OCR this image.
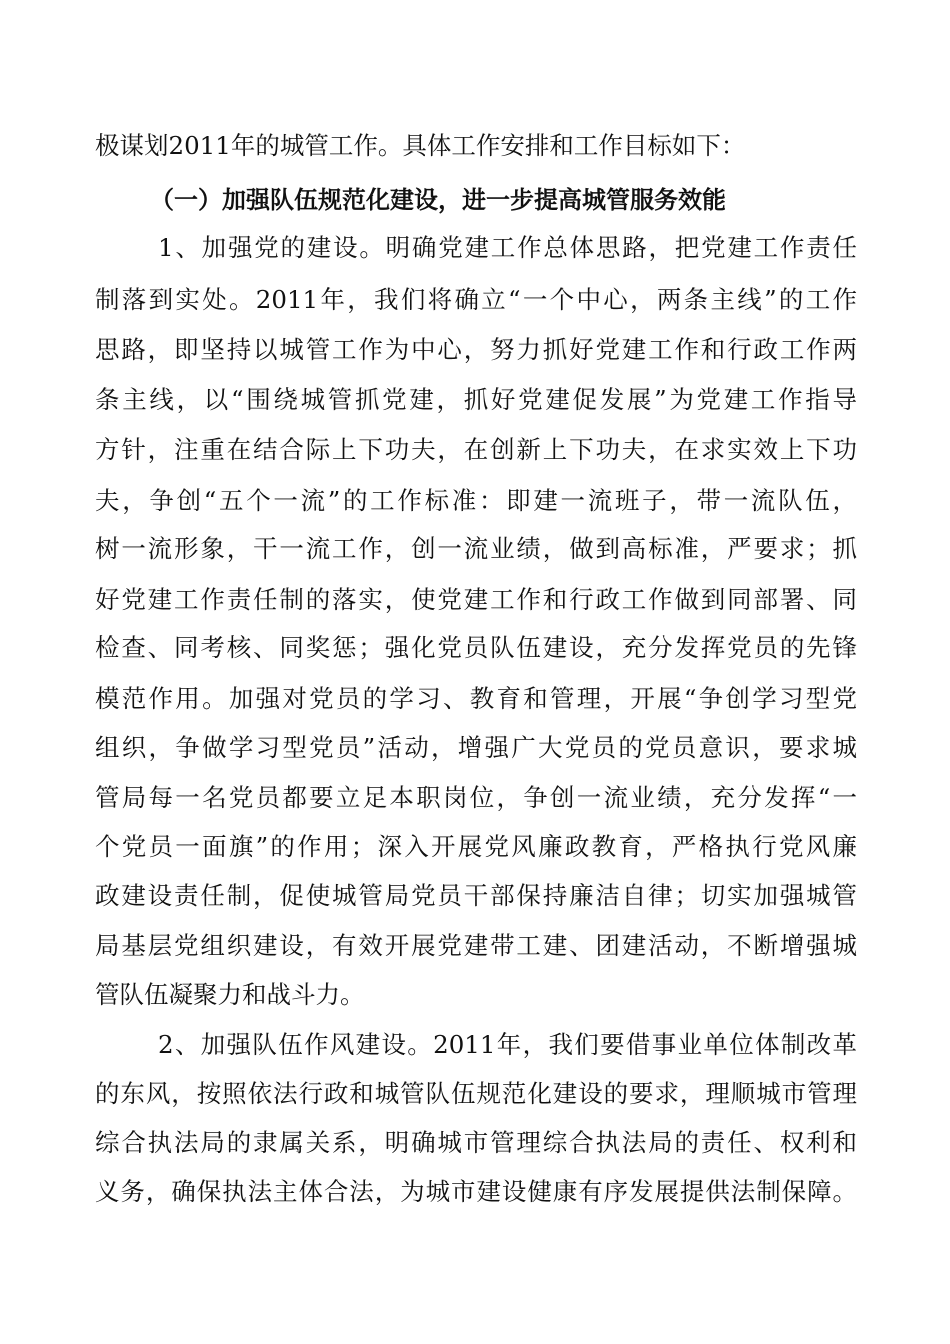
极谋划2011年的城管工作。具体工作安排和工作目标如下：
（一）加强队伍规范化建设，进一步提高城管服务效能
1、加强党的建设。明确党建工作总体思路，把党建工作责任
制落到实处。2011年，我们将确立“一个中心，两条主线”的工作
思路，即坚持以城管工作为中心，努力抓好党建工作和行政工作两
条主线，以“围绕城管抓党建，抓好党建促发展”为党建工作指导
方针，注重在结合际上下功夫，在创新上下功夫，在求实效上下功
夫，争创“五个一流”的工作标准：即建一流班子，带一流队伍，
树一流形象，干一流工作，创一流业绩，做到高标准，严要求；抓
好党建工作责任制的落实，使党建工作和行政工作做到同部署、同
检查、同考核、同奖惩；强化党员队伍建设，充分发挥党员的先锋
模范作用。加强对党员的学习、教育和管理，开展“争创学习型党
组织，争做学习型党员”活动，增强广大党员的党员意识，要求城
管局每一名党员都要立足本职岗位，争创一流业绩，充分发挥“一
个党员一面旗”的作用；深入开展党风廉政教育，严格执行党风廉
政建设责任制，促使城管局党员干部保持廉洁自律；切实加强城管
局基层党组织建设，有效开展党建带工建、团建活动，不断增强城
管队伍凝聚力和战斗力。
2、加强队伍作风建设。2011年，我们要借事业单位体制改革
的东风，按照依法行政和城管队伍规范化建设的要求，理顺城市管理
综合执法局的隶属关系，明确城市管理综合执法局的责任、权利和
义务，确保执法主体合法，为城市建设健康有序发展提供法制保障。
